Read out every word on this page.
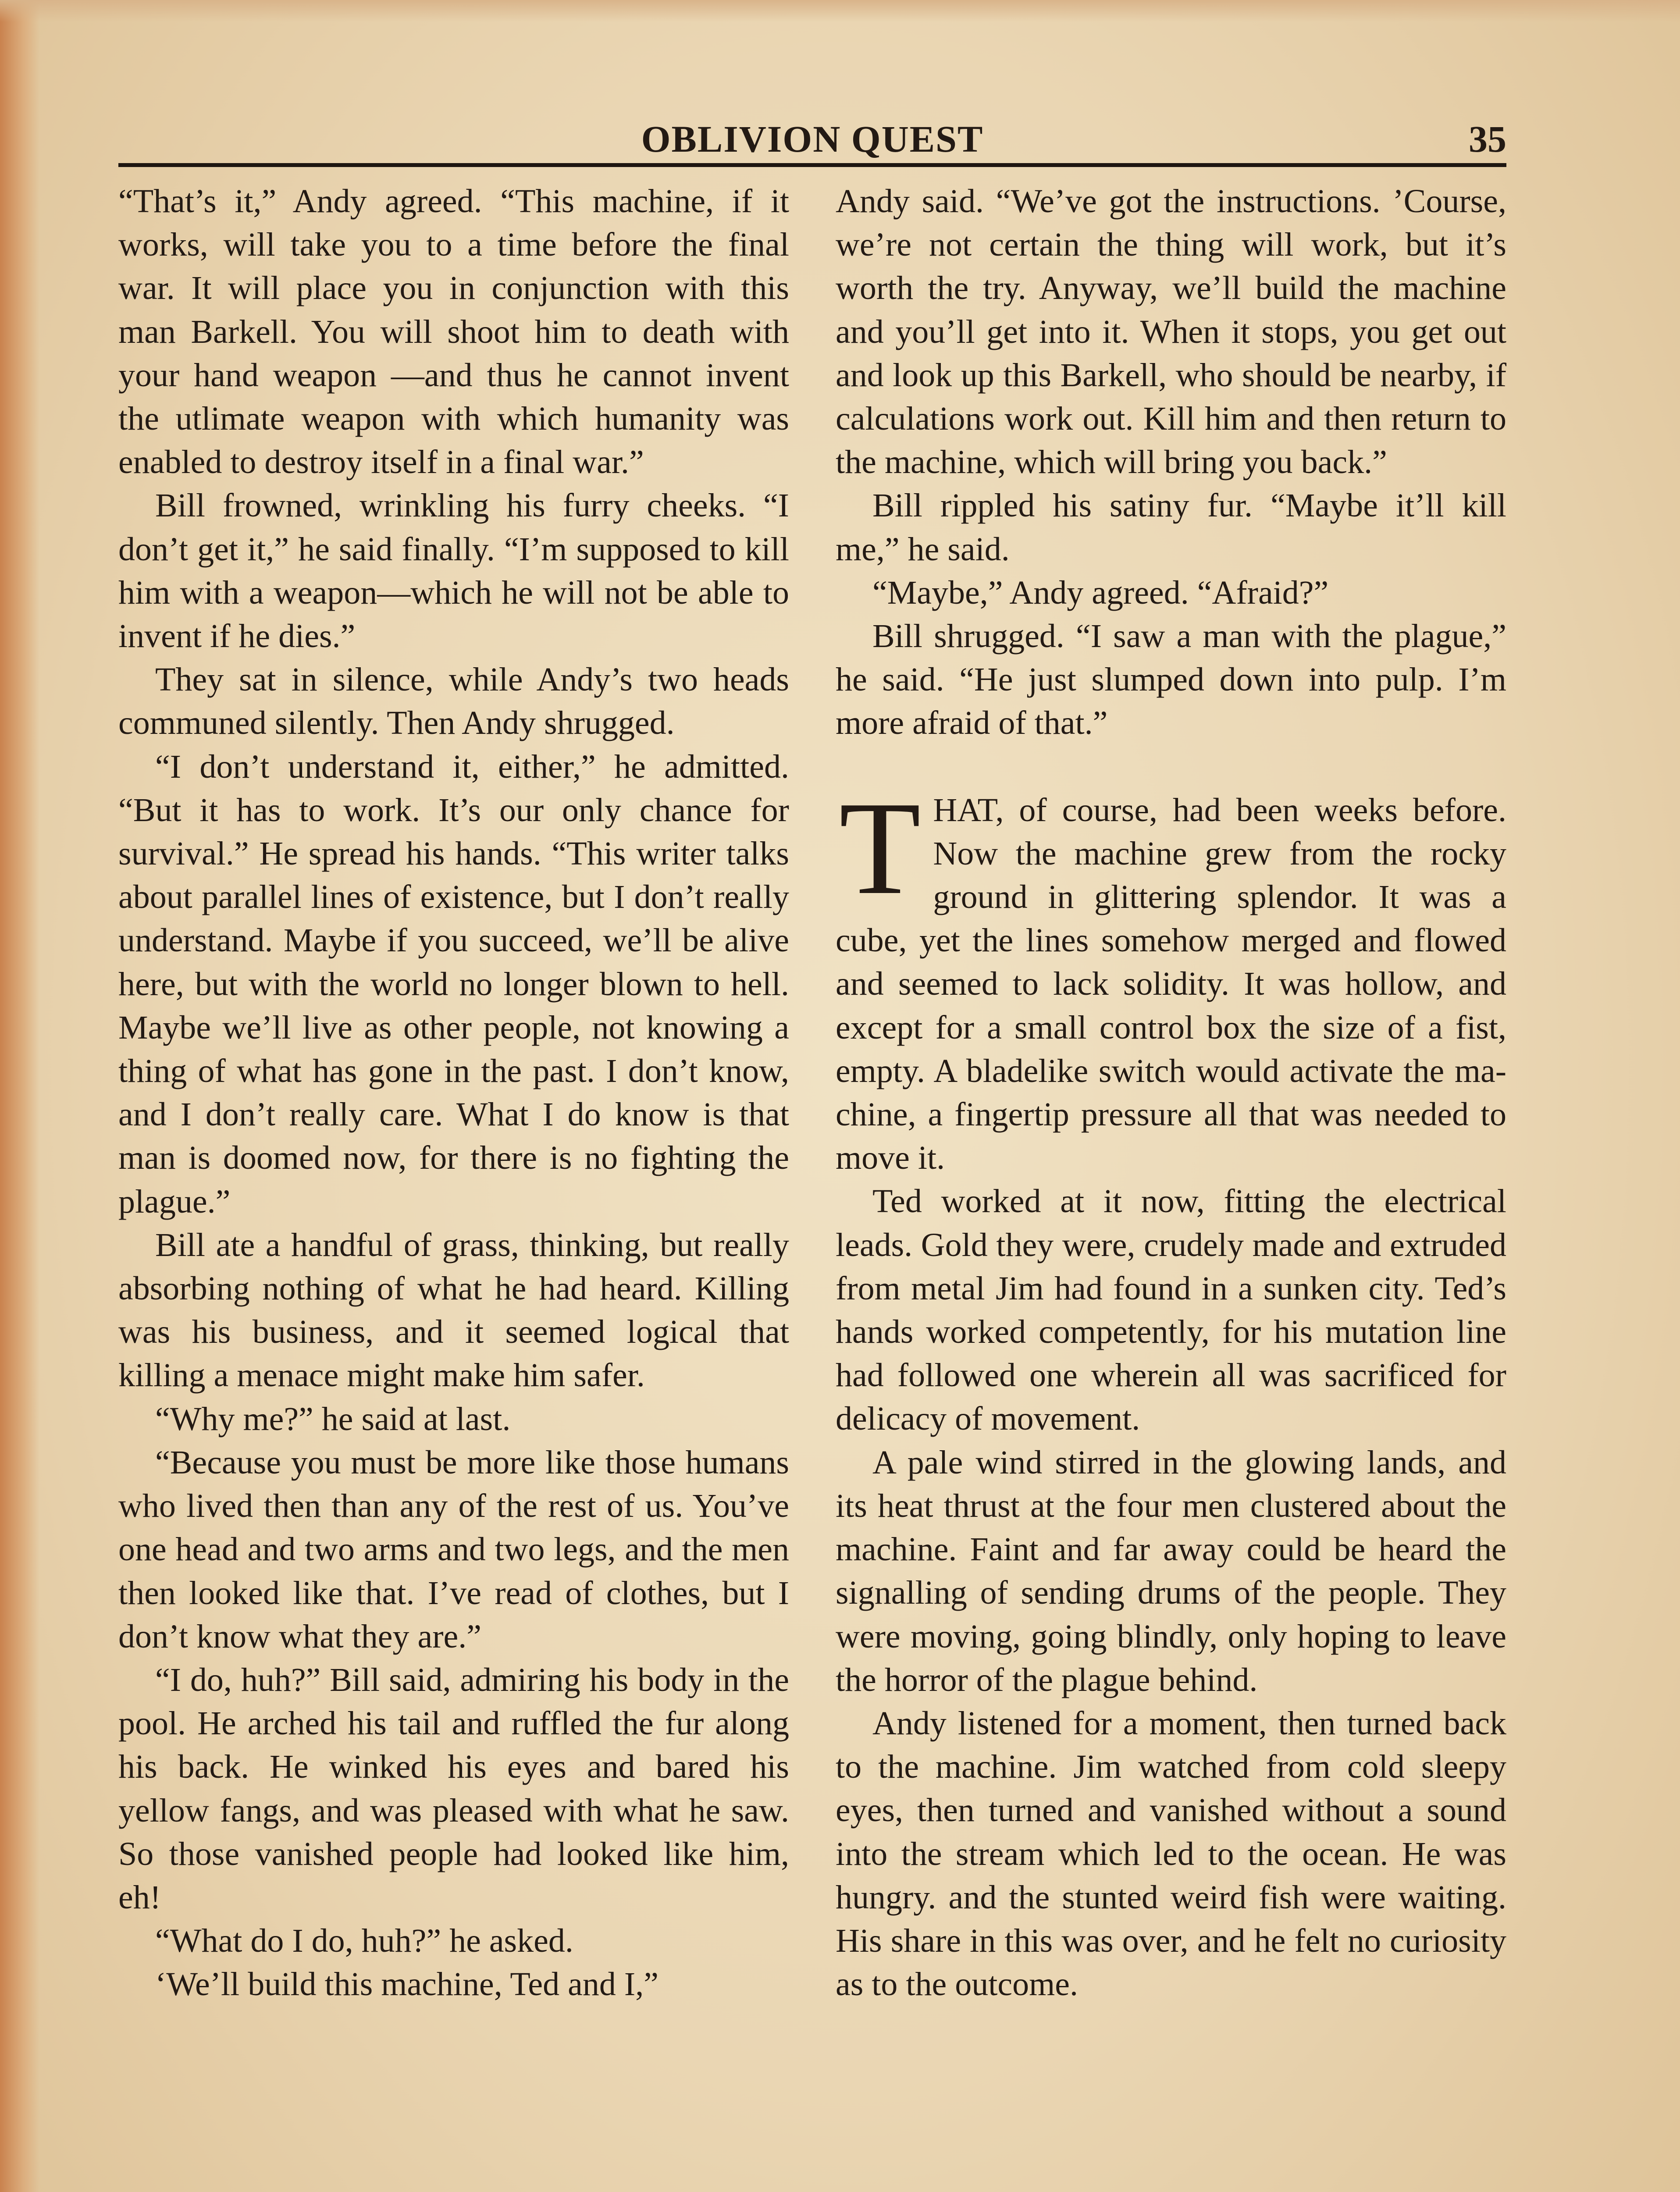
OBLIVION QUEST	35

“That’s it,” Andy agreed. “This machine, if it works, will take you to a time before the final war. It will place you in conjunction with this man Barkell. You will shoot him to death with your hand weapon —and thus he cannot invent the utlimate weapon with which humanity was enabled to destroy itself in a final war.”

Bill frowned, wrinkling his furry cheeks. “I don’t get it,” he said finally. “I’m supposed to kill him with a weapon—which he will not be able to invent if he dies.”

They sat in silence, while Andy’s two heads communed silently. Then Andy shrugged.

“I don’t understand it, either,” he admitted. “But it has to work. It’s our only chance for survival.” He spread his hands. “This writer talks about parallel lines of existence, but I don’t really understand. Maybe if you succeed, we’ll be alive here, but with the world no longer blown to hell. Maybe we’ll live as other people, not knowing a thing of what has gone in the past. I don’t know, and I don’t really care. What I do know is that man is doomed now, for there is no fighting the plague.”

Bill ate a handful of grass, thinking, but really absorbing nothing of what he had heard. Killing was his business, and it seemed logical that killing a menace might make him safer.

“Why me?” he said at last.

“Because you must be more like those humans who lived then than any of the rest of us. You’ve one head and two arms and two legs, and the men then looked like that. I’ve read of clothes, but I don’t know what they are.”

“I do, huh?” Bill said, admiring his body in the pool. He arched his tail and ruffled the fur along his back. He winked his eyes and bared his yellow fangs, and was pleased with what he saw. So those vanished people had looked like him, eh!

“What do I do, huh?” he asked.

‘We’ll build this machine, Ted and I,”

Andy said. “We’ve got the instructions. ’Course, we’re not certain the thing will work, but it’s worth the try. Anyway, we’ll build the machine and you’ll get into it. When it stops, you get out and look up this Barkell, who should be nearby, if calculations work out. Kill him and then return to the machine, which will bring you back.”

Bill rippled his satiny fur. “Maybe it’ll kill me,” he said.

“Maybe,” Andy agreed. “Afraid?”

Bill shrugged. “I saw a man with the plague,” he said. “He just slumped down into pulp. I’m more afraid of that.”

THAT, of course, had been weeks before. Now the machine grew from the rocky ground in glittering splendor. It was a cube, yet the lines somehow merged and flowed and seemed to lack solidity. It was hollow, and except for a small control box the size of a fist, empty. A bladelike switch would activate the machine, a fingertip pressure all that was needed to move it.

Ted worked at it now, fitting the electrical leads. Gold they were, crudely made and extruded from metal Jim had found in a sunken city. Ted’s hands worked competently, for his mutation line had followed one wherein all was sacrificed for delicacy of movement.

A pale wind stirred in the glowing lands, and its heat thrust at the four men clustered about the machine. Faint and far away could be heard the signalling of sending drums of the people. They were moving, going blindly, only hoping to leave the horror of the plague behind.

Andy listened for a moment, then turned back to the machine. Jim watched from cold sleepy eyes, then turned and vanished without a sound into the stream which led to the ocean. He was hungry. and the stunted weird fish were waiting. His share in this was over, and he felt no curiosity as to the outcome.
